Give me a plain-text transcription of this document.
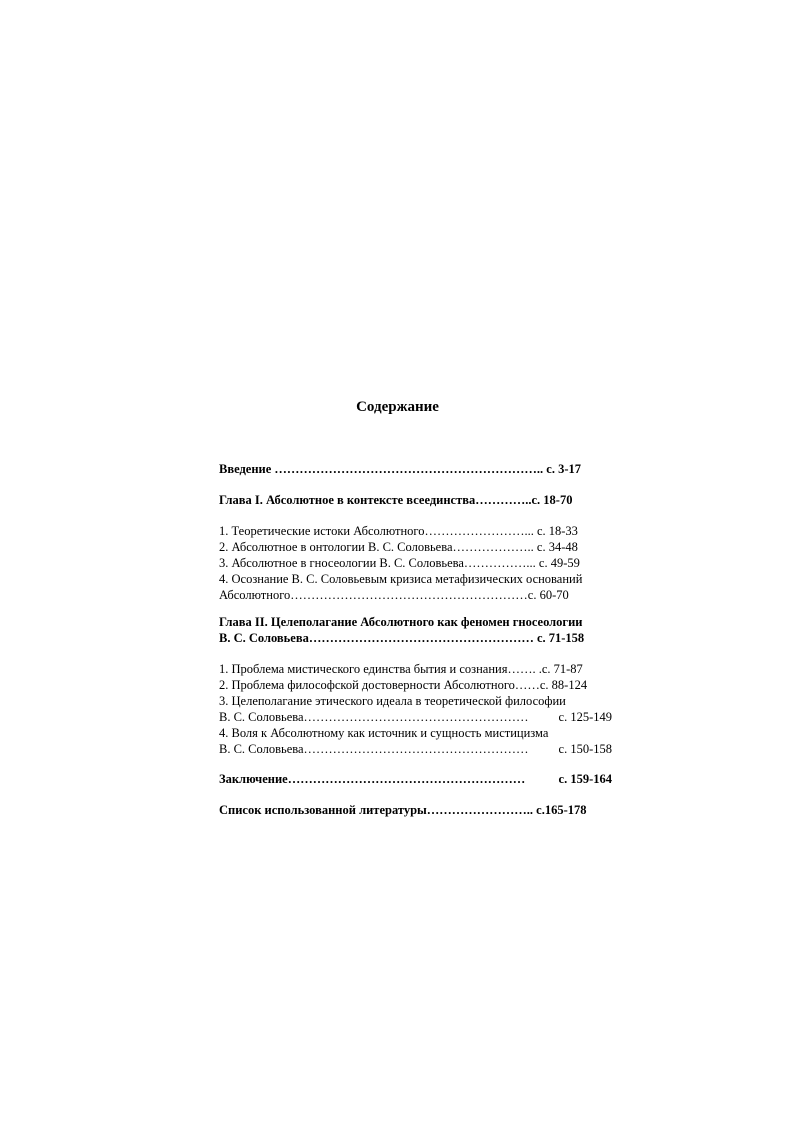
Содержание
Введение ……………………………………………………….. с. 3-17
Глава I. Абсолютное в контексте всеединства…………..с. 18-70
1. Теоретические истоки Абсолютного……………………... с. 18-33
2. Абсолютное в онтологии В. С. Соловьева……………….. с. 34-48
3. Абсолютное в гносеологии В. С. Соловьева……………... с. 49-59
4. Осознание В. С. Соловьевым кризиса метафизических оснований
Абсолютного…………………………………………………с. 60-70
Глава II. Целеполагание Абсолютного как феномен гносеологии
В. С. Соловьева……………………………………………… с. 71-158
1. Проблема мистического единства бытия и сознания……. .с. 71-87
2. Проблема философской достоверности Абсолютного……с. 88-124
3. Целеполагание этического идеала в теоретической философии
В. С. Соловьева……………………………………………… с. 125-149
4. Воля к Абсолютному как источник и сущность мистицизма
В. С. Соловьева……………………………………………… с. 150-158
Заключение…………………………………………………	с. 159-164
Список использованной литературы…………………….. с.165-178
